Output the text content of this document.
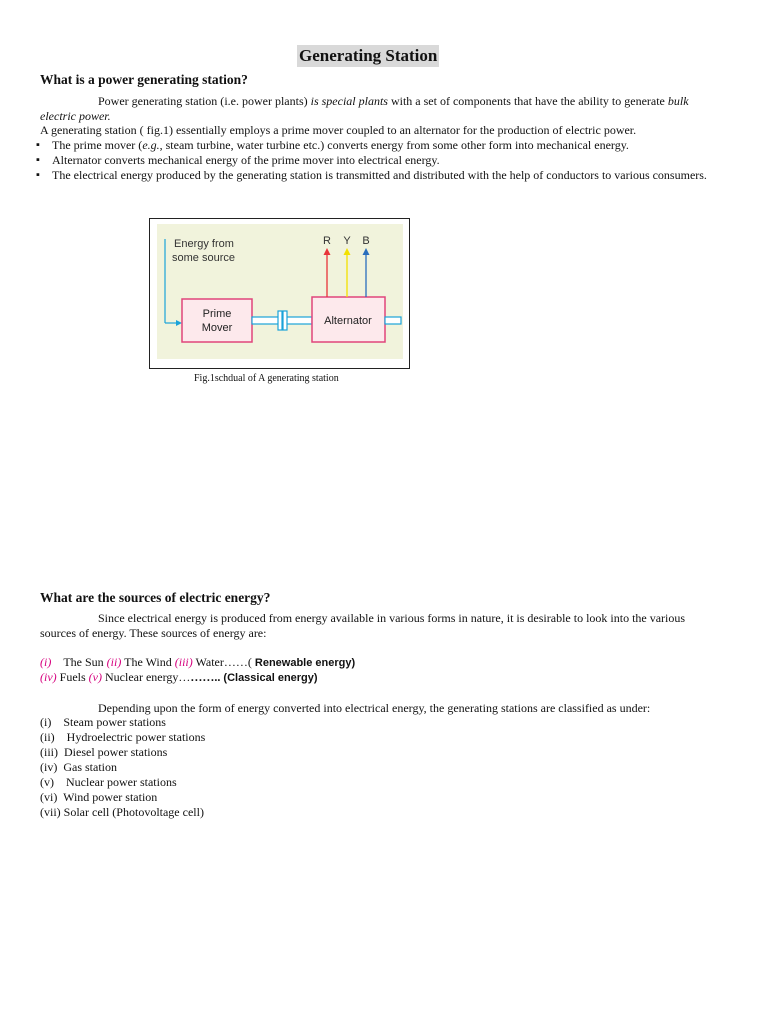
Generating Station
What is a power generating station?
Power generating station (i.e. power plants) is special plants with a set of components that have the ability to generate bulk electric power.
A generating station ( fig.1) essentially employs a prime mover coupled to an alternator for the production of electric power.
▪ The prime mover (e.g., steam turbine, water turbine etc.) converts energy from some other form into mechanical energy.
▪ Alternator converts mechanical energy of the prime mover into electrical energy.
▪ The electrical energy produced by the generating station is transmitted and distributed with the help of conductors to various consumers.
Energy from
some source
Prime
Mover
Alternator
R Y B
Fig.1schdual of A generating station
What are the sources of electric energy?
Since electrical energy is produced from energy available in various forms in nature, it is desirable to look into the various sources of energy. These sources of energy are:
(i) The Sun (ii) The Wind (iii) Water……( Renewable energy)
(iv) Fuels (v) Nuclear energy……….. (Classical energy)
Depending upon the form of energy converted into electrical energy, the generating stations are classified as under:
(i)    Steam power stations
(ii)    Hydroelectric power stations
(iii)  Diesel power stations
(iv)  Gas station
(v)    Nuclear power stations
(vi)  Wind power station
(vii) Solar cell (Photovoltage cell)
